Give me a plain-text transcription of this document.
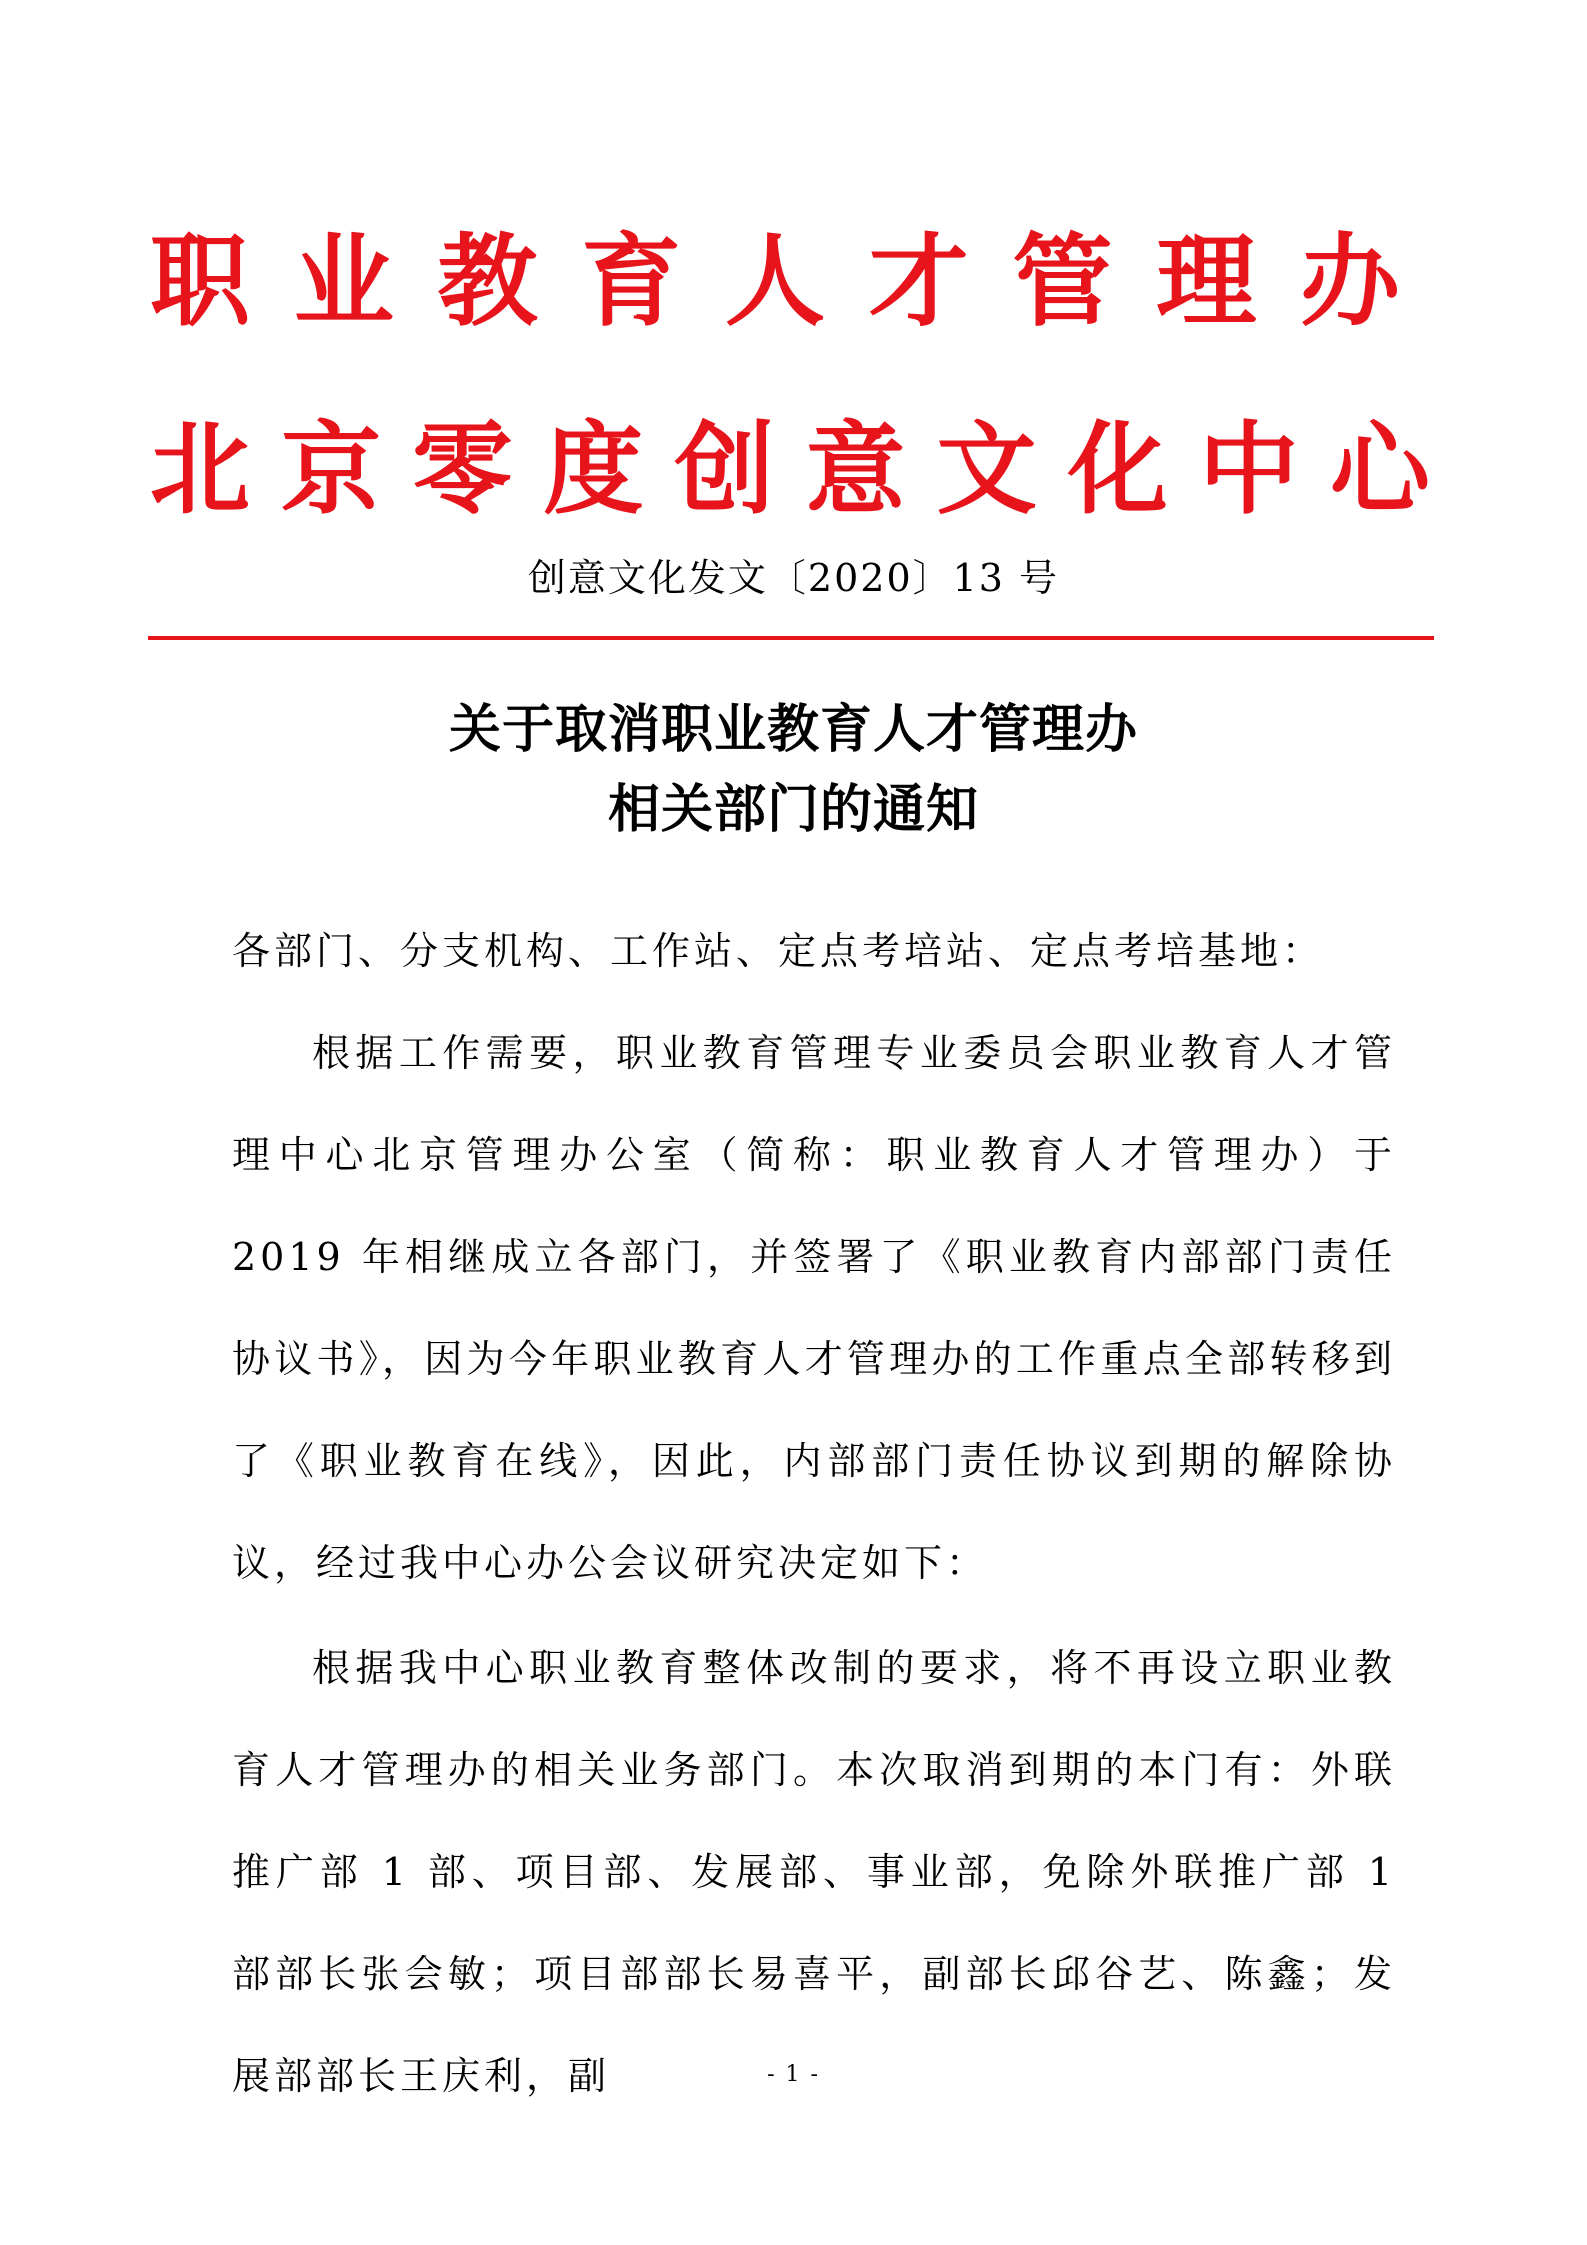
职业教育人才管理办
北京零度创意文化中心
创意文化发文〔2020〕13 号
关于取消职业教育人才管理办
相关部门的通知
各部门、分支机构、工作站、定点考培站、定点考培基地：

根据工作需要，职业教育管理专业委员会职业教育人才管理中心北京管理办公室（简称：职业教育人才管理办）于 2019 年相继成立各部门，并签署了《职业教育内部部门责任协议书》，因为今年职业教育人才管理办的工作重点全部转移到了《职业教育在线》，因此，内部部门责任协议到期的解除协议，经过我中心办公会议研究决定如下：

根据我中心职业教育整体改制的要求，将不再设立职业教育人才管理办的相关业务部门。本次取消到期的本门有：外联推广部 1 部、项目部、发展部、事业部，免除外联推广部 1 部部长张会敏；项目部部长易喜平，副部长邱谷艺、陈鑫；发展部部长王庆利，副	- 1 -
